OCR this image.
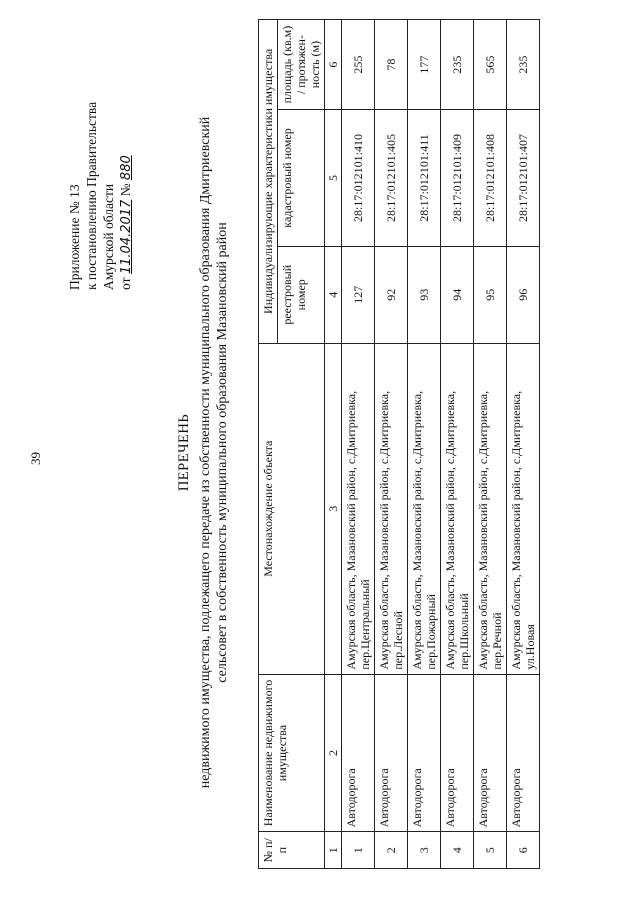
39
Приложение № 13 к постановлению Правительства Амурской области от 11.04.2017 № 880
ПЕРЕЧЕНЬ недвижимого имущества, подлежащего передаче из собственности муниципального образования Дмитриевский сельсовет в собственность муниципального образования Мазановский район
№ п/п	Наименование недвижимого имущества	Местонахождение объекта	Индивидуализирующие характеристики имущества		
			реестровый номер	кадастровый номер	площадь (кв.м) / протяжен-ность (м)
1	2	3	4	5	6
1	Автодорога	Амурская область, Мазановский район, с.Дмитриевка, пер.Центральный	127	28:17:012101:410	255
2	Автодорога	Амурская область, Мазановский район, с.Дмитриевка, пер.Лесной	92	28:17:012101:405	78
3	Автодорога	Амурская область, Мазановский район, с.Дмитриевка, пер.Пожарный	93	28:17:012101:411	177
4	Автодорога	Амурская область, Мазановский район, с.Дмитриевка, пер.Школьный	94	28:17:012101:409	235
5	Автодорога	Амурская область, Мазановский район, с.Дмитриевка, пер.Речной	95	28:17:012101:408	565
6	Автодорога	Амурская область, Мазановский район, с.Дмитриевка, ул.Новая	96	28:17:012101:407	235
